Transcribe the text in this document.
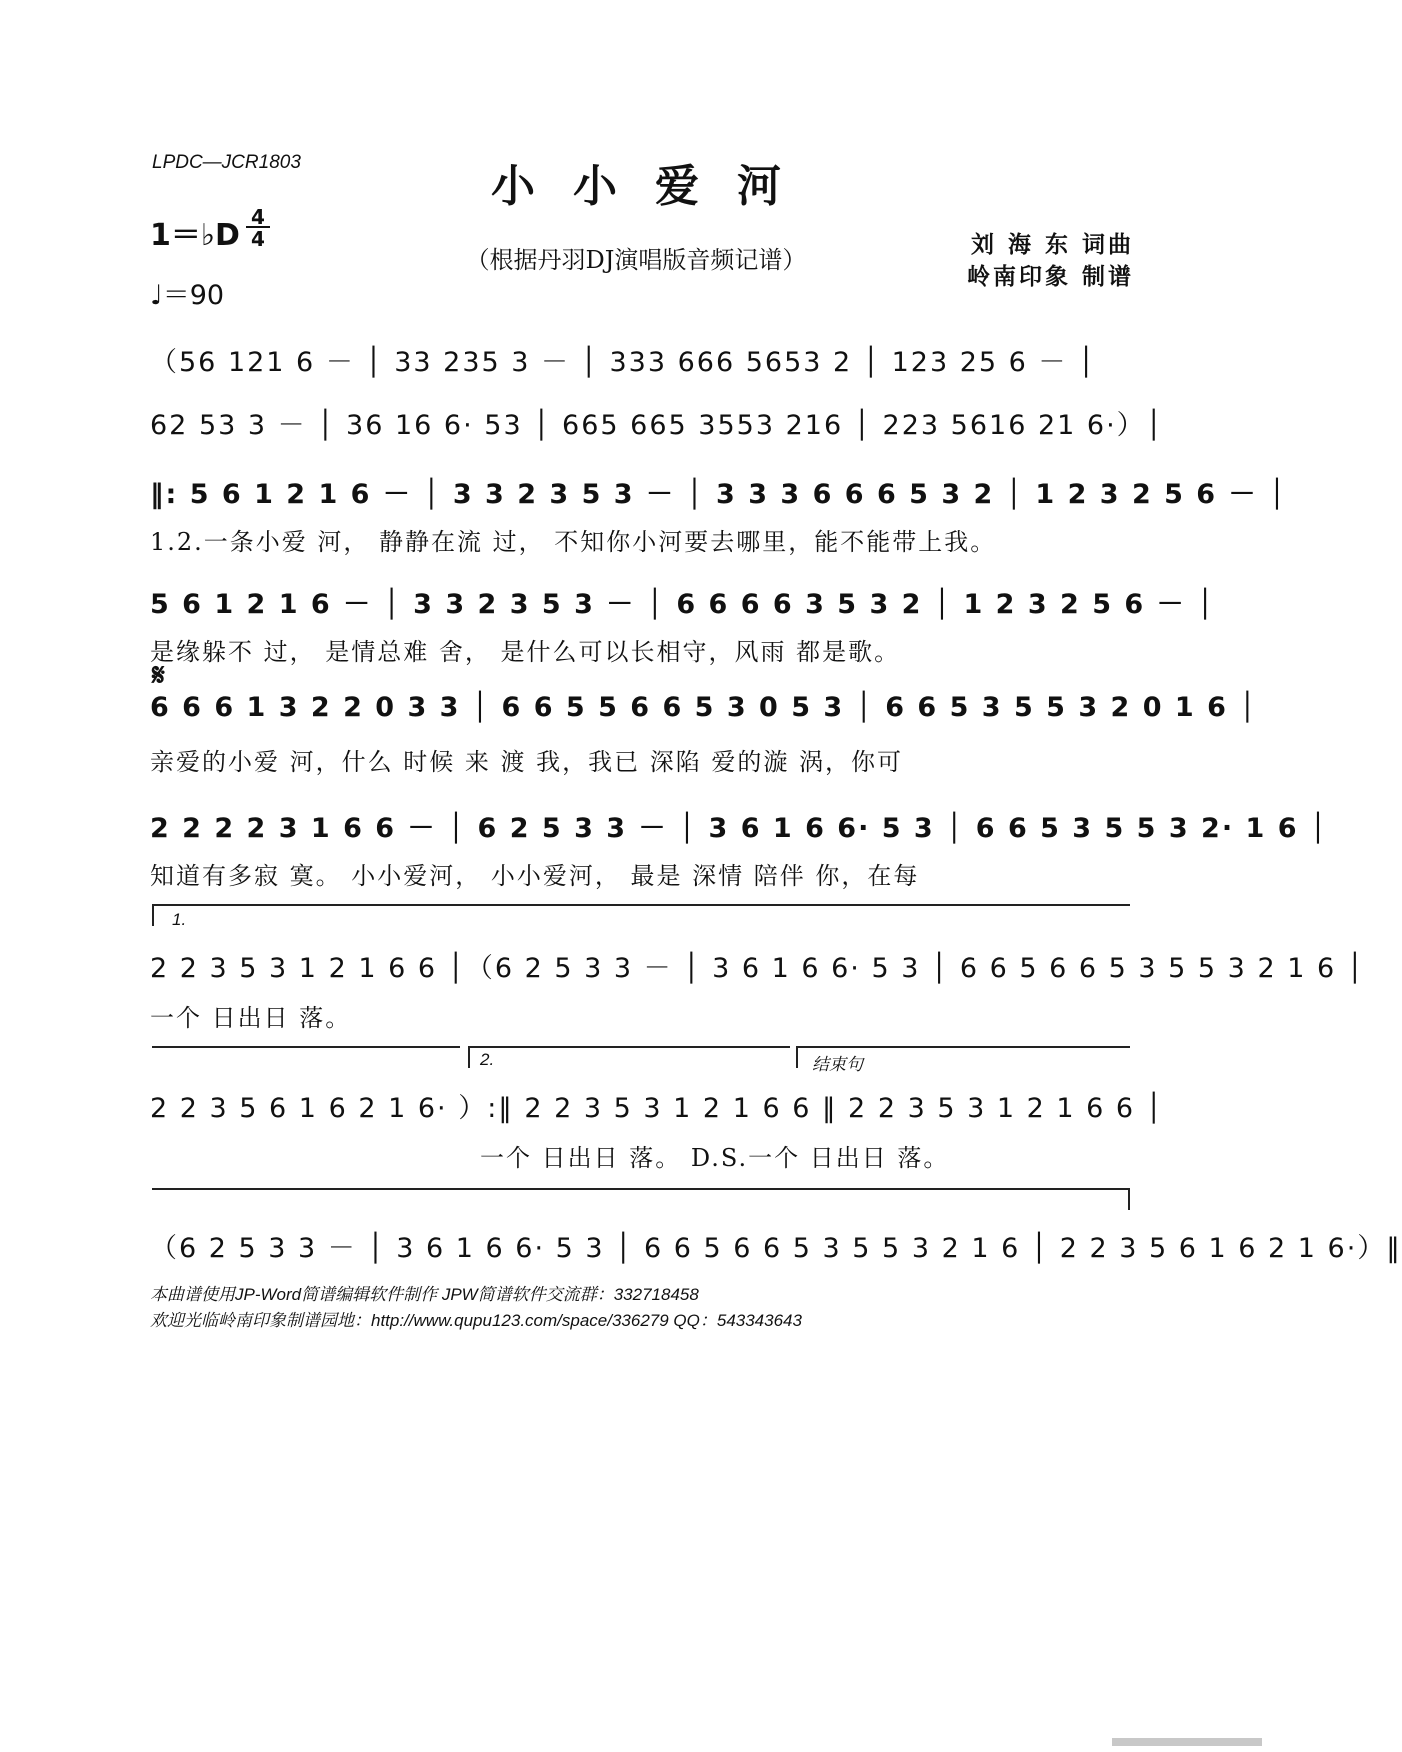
LPDC—JCR1803	小小爱河
（根据丹羽DJ演唱版音频记谱）
刘 海 东 词曲
岭南印象 制谱
1＝♭D
4
4
♩＝90
（56 121 6 － │ 33 235 3 － │ 333 666 5653 2 │ 123 25 6 － │
62 53 3 － │ 36 16 6· 53 │ 665 665 3553 216 │ 223 5616 21 6·）│
‖: 5 6 1 2 1 6 － │ 3 3 2 3 5 3 － │ 3 3 3 6 6 6 5 3 2 │ 1 2 3 2 5 6 － │
1.2.一条小爱 河， 静静在流 过， 不知你小河要去哪里，能不能带上我。
5 6 1 2 1 6 － │ 3 3 2 3 5 3 － │ 6 6 6 6 3 5 3 2 │ 1 2 3 2 5 6 － │
是缘躲不 过， 是情总难 舍， 是什么可以长相守，风雨 都是歌。
𝄋
6 6 6 1 3 2 2 0 3 3 │ 6 6 5 5 6 6 5 3 0 5 3 │ 6 6 5 3 5 5 3 2 0 1 6 │
亲爱的小爱 河，什么 时候 来 渡 我，我已 深陷 爱的漩 涡，你可
2 2 2 2 3 1 6 6 － │ 6 2 5 3 3 － │ 3 6 1 6 6· 5 3 │ 6 6 5 3 5 5 3 2· 1 6 │
知道有多寂 寞。 小小爱河， 小小爱河， 最是 深情 陪伴 你，在每
1.
2 2 3 5 3 1 2 1 6 6 │（6 2 5 3 3 － │ 3 6 1 6 6· 5 3 │ 6 6 5 6 6 5 3 5 5 3 2 1 6 │
一个 日出日 落。
2.	结束句
2 2 3 5 6 1 6 2 1 6· ）:‖ 2 2 3 5 3 1 2 1 6 6 ‖ 2 2 3 5 3 1 2 1 6 6 │
一个 日出日 落。 D.S.一个 日出日 落。
（6 2 5 3 3 － │ 3 6 1 6 6· 5 3 │ 6 6 5 6 6 5 3 5 5 3 2 1 6 │ 2 2 3 5 6 1 6 2 1 6·）‖
本曲谱使用JP-Word简谱编辑软件制作 JPW简谱软件交流群：332718458
欢迎光临岭南印象制谱园地：http://www.qupu123.com/space/336279 QQ：543343643
